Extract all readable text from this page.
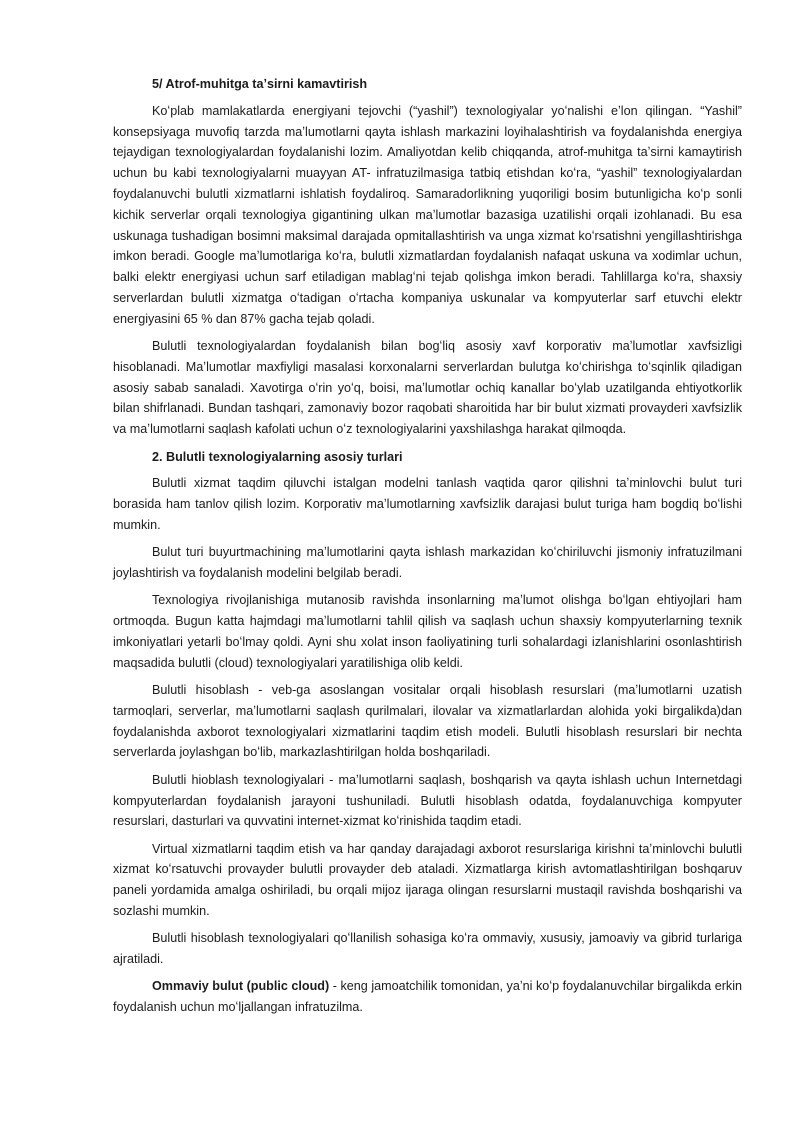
5/ Atrof-muhitga taʼsirni kamavtirish

Koʻplab mamlakatlarda energiyani tejovchi (“yashil”) texnologiyalar yoʻnalishi eʼlon qilingan. “Yashil” konsepsiyaga muvofiq tarzda maʼlumotlarni qayta ishlash markazini loyihalashtirish va foydalanishda energiya tejaydigan texnologiyalardan foydalanishi lozim. Amaliyotdan kelib chiqqanda, atrof-muhitga taʼsirni kamaytirish uchun bu kabi texnologiyalarni muayyan AT- infratuzilmasiga tatbiq etishdan koʻra, “yashil” texnologiyalardan foydalanuvchi bulutli xizmatlarni ishlatish foydaliroq. Samaradorlikning yuqoriligi bosim butunligicha koʻp sonli kichik serverlar orqali texnologiya gigantining ulkan maʼlumotlar bazasiga uzatilishi orqali izohlanadi. Bu esa uskunaga tushadigan bosimni maksimal darajada opmitallashtirish va unga xizmat koʻrsatishni yengillashtirishga imkon beradi. Google maʼlumotlariga koʻra, bulutli xizmatlardan foydalanish nafaqat uskuna va xodimlar uchun, balki elektr energiyasi uchun sarf etiladigan mablagʻni tejab qolishga imkon beradi. Tahlillarga koʻra, shaxsiy serverlardan bulutli xizmatga oʻtadigan oʻrtacha kompaniya uskunalar va kompyuterlar sarf etuvchi elektr energiyasini 65 % dan 87% gacha tejab qoladi.

Bulutli texnologiyalardan foydalanish bilan bogʻliq asosiy xavf korporativ maʼlumotlar xavfsizligi hisoblanadi. Maʼlumotlar maxfiyligi masalasi korxonalarni serverlardan bulutga koʻchirishga toʻsqinlik qiladigan asosiy sabab sanaladi. Xavotirga oʻrin yoʻq, boisi, maʼlumotlar ochiq kanallar boʻylab uzatilganda ehtiyotkorlik bilan shifrlanadi. Bundan tashqari, zamonaviy bozor raqobati sharoitida har bir bulut xizmati provayderi xavfsizlik va maʼlumotlarni saqlash kafolati uchun oʻz texnologiyalarini yaxshilashga harakat qilmoqda.

2. Bulutli texnologiyalarning asosiy turlari

Bulutli xizmat taqdim qiluvchi istalgan modelni tanlash vaqtida qaror qilishni taʼminlovchi bulut turi borasida ham tanlov qilish lozim. Korporativ maʼlumotlarning xavfsizlik darajasi bulut turiga ham bogdiq boʻlishi mumkin.

Bulut turi buyurtmachining maʼlumotlarini qayta ishlash markazidan koʻchiriluvchi jismoniy infratuzilmani joylashtirish va foydalanish modelini belgilab beradi.

Texnologiya rivojlanishiga mutanosib ravishda insonlarning maʼlumot olishga boʻlgan ehtiyojlari ham ortmoqda. Bugun katta hajmdagi maʼlumotlarni tahlil qilish va saqlash uchun shaxsiy kompyuterlarning texnik imkoniyatlari yetarli boʻlmay qoldi. Ayni shu xolat inson faoliyatining turli sohalardagi izlanishlarini osonlashtirish maqsadida bulutli (cloud) texnologiyalari yaratilishiga olib keldi.

Bulutli hisoblash - veb-ga asoslangan vositalar orqali hisoblash resurslari (maʼlumotlarni uzatish tarmoqlari, serverlar, maʼlumotlarni saqlash qurilmalari, ilovalar va xizmatlarlardan alohida yoki birgalikda)dan foydalanishda axborot texnologiyalari xizmatlarini taqdim etish modeli. Bulutli hisoblash resurslari bir nechta serverlarda joylashgan boʻlib, markazlashtirilgan holda boshqariladi.

Bulutli hioblash texnologiyalari - maʼlumotlarni saqlash, boshqarish va qayta ishlash uchun Internetdagi kompyuterlardan foydalanish jarayoni tushuniladi. Bulutli hisoblash odatda, foydalanuvchiga kompyuter resurslari, dasturlari va quvvatini internet-xizmat koʻrinishida taqdim etadi.

Virtual xizmatlarni taqdim etish va har qanday darajadagi axborot resurslariga kirishni taʼminlovchi bulutli xizmat koʻrsatuvchi provayder bulutli provayder deb ataladi. Xizmatlarga kirish avtomatlashtirilgan boshqaruv paneli yordamida amalga oshiriladi, bu orqali mijoz ijaraga olingan resurslarni mustaqil ravishda boshqarishi va sozlashi mumkin.

Bulutli hisoblash texnologiyalari qoʻllanilish sohasiga koʻra ommaviy, xususiy, jamoaviy va gibrid turlariga ajratiladi.

Ommaviy bulut (public cloud) - keng jamoatchilik tomonidan, yaʼni koʻp foydalanuvchilar birgalikda erkin foydalanish uchun moʻljallangan infratuzilma.
